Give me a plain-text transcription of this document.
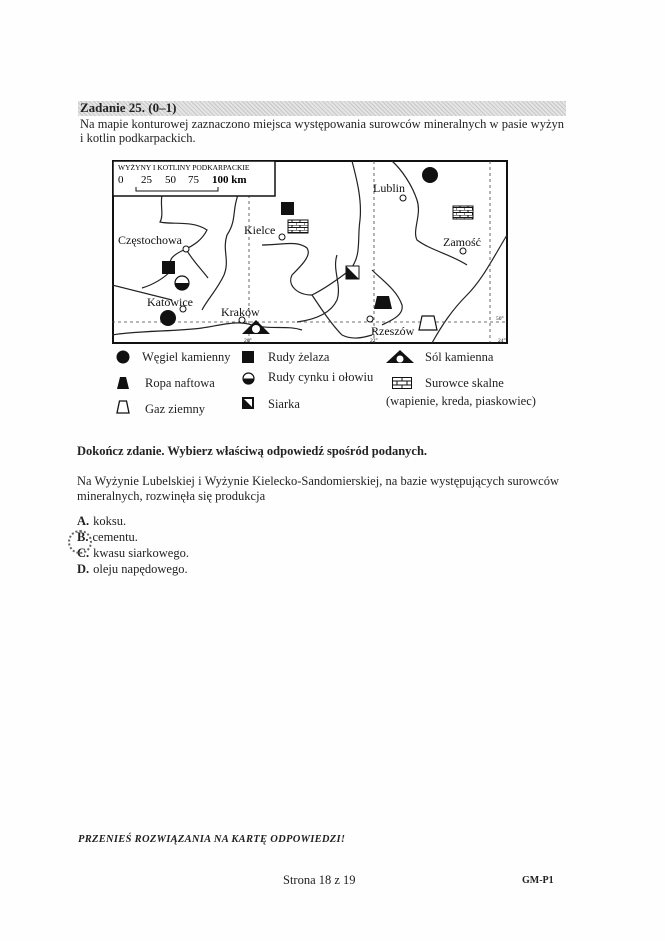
Zadanie 25. (0–1)
Na mapie konturowej zaznaczono miejsca występowania surowców mineralnych w pasie wyżyn i kotlin podkarpackich.
WYŻYNY I KOTLINY PODKARPACKIE
0 25 50 75 100 km
Lublin
Zamość
Kielce
Częstochowa
Katowice
Kraków
Rzeszów
20°	22°
50°
24°
Węgiel kamienny	Rudy żelaza	Sól kamienna
Ropa naftowa	Rudy cynku i ołowiu	Surowce skalne
Gaz ziemny	Siarka	(wapienie, kreda, piaskowiec)
Dokończ zdanie. Wybierz właściwą odpowiedź spośród podanych.
Na Wyżynie Lubelskiej i Wyżynie Kielecko-Sandomierskiej, na bazie występujących surowców mineralnych, rozwinęła się produkcja
A. koksu.
B. cementu.
C. kwasu siarkowego.
D. oleju napędowego.
PRZENIEŚ ROZWIĄZANIA NA KARTĘ ODPOWIEDZI!
Strona 18 z 19	GM-P1
